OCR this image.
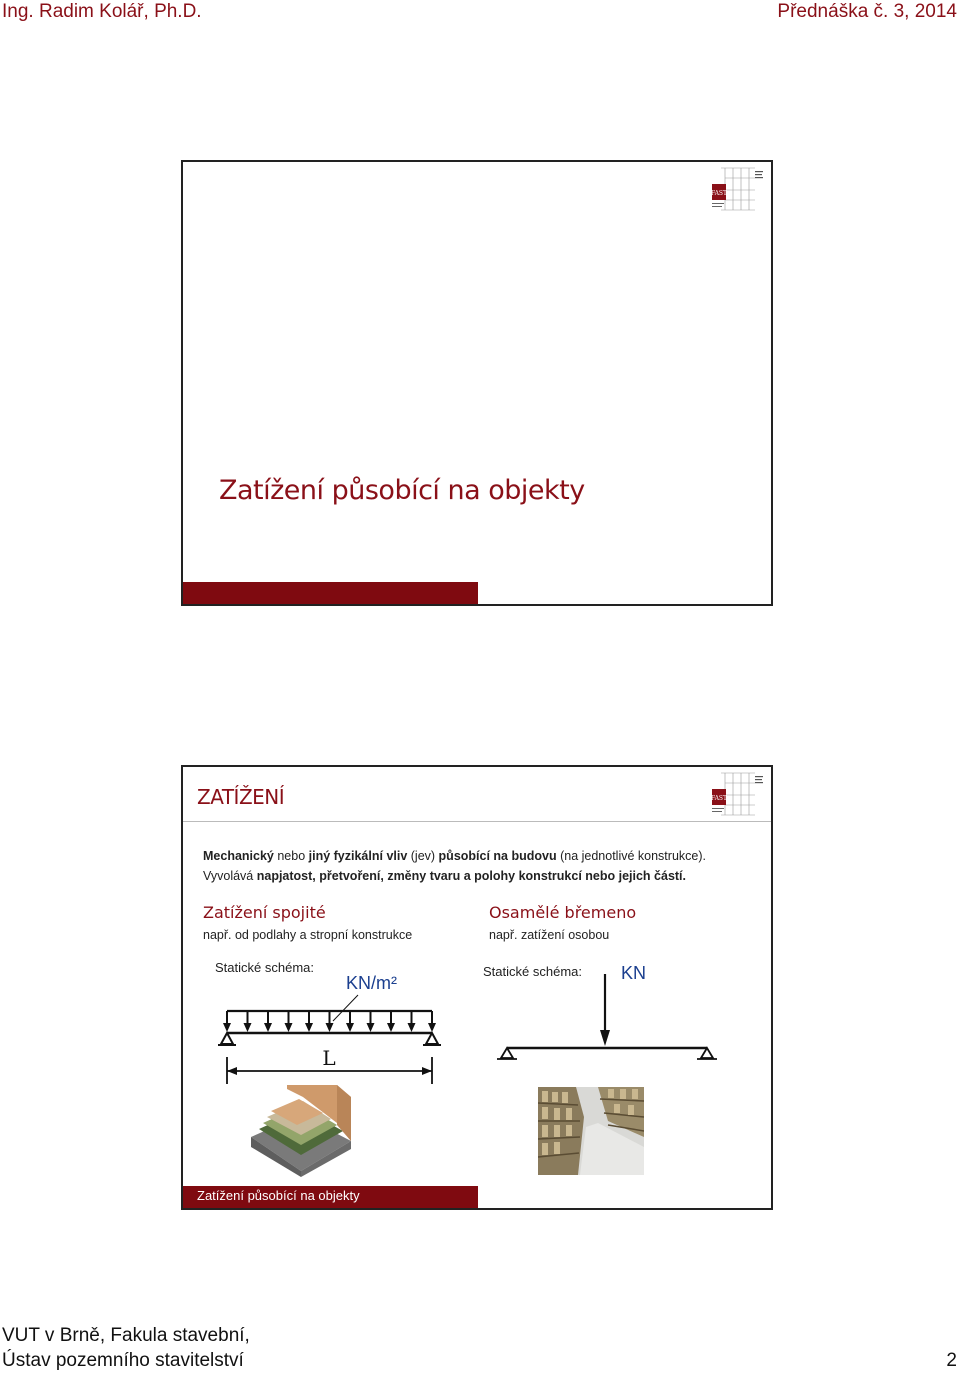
Ing. Radim Kolář, Ph.D.	Přednáška č. 3, 2014
FAST
Zatížení působící na objekty
ZATÍŽENÍ	FAST
Mechanický nebo jiný fyzikální vliv (jev) působící na budovu (na jednotlivé konstrukce).
Vyvolává napjatost, přetvoření, změny tvaru a polohy konstrukcí nebo jejich částí.
Zatížení spojité
např. od podlahy a stropní konstrukce
Statické schéma:
KN/m²
L
Osamělé břemeno
např. zatížení osobou
Statické schéma: KN
Zatížení působící na objekty
VUT v Brně, Fakula stavební,
Ústav pozemního stavitelství	2
